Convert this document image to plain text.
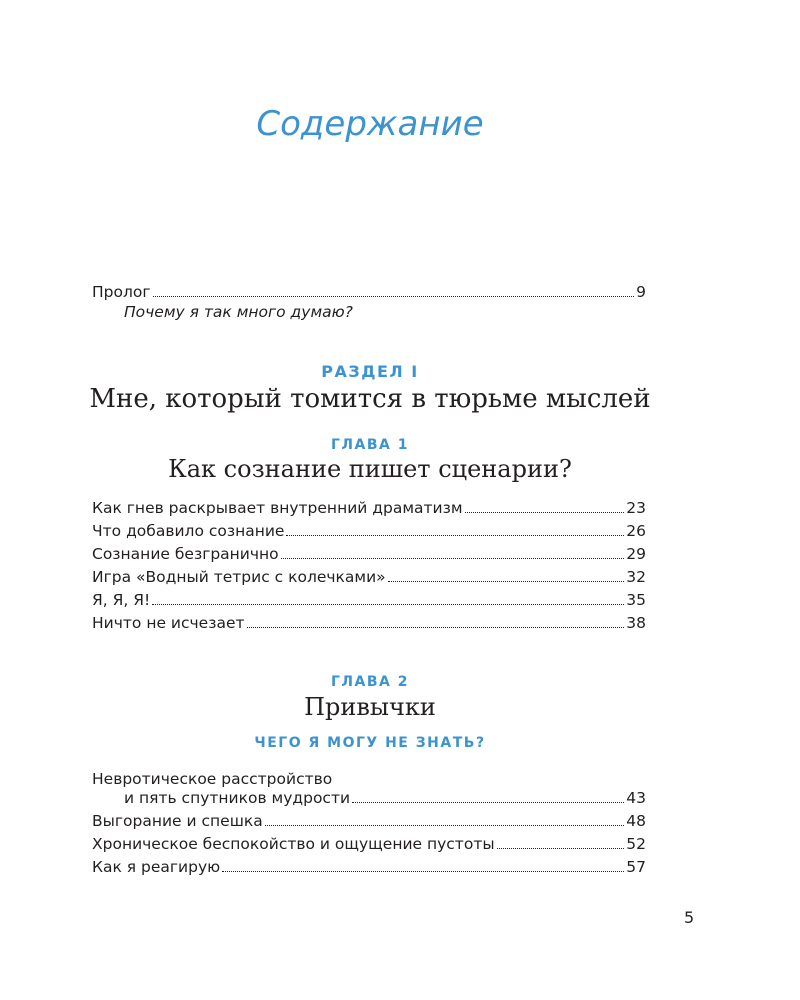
Содержание
Пролог	9
Почему я так много думаю?
РАЗДЕЛ I
Мне, который томится в тюрьме мыслей
ГЛАВА 1
Как сознание пишет сценарии?
Как гнев раскрывает внутренний драматизм	23
Что добавило сознание	26
Сознание безгранично	29
Игра «Водный тетрис с колечками»	32
Я, Я, Я!	35
Ничто не исчезает	38
ГЛАВА 2
Привычки
ЧЕГО Я МОГУ НЕ ЗНАТЬ?
Невротическое расстройство
и пять спутников мудрости	43
Выгорание и спешка	48
Хроническое беспокойство и ощущение пустоты	52
Как я реагирую	57
5
